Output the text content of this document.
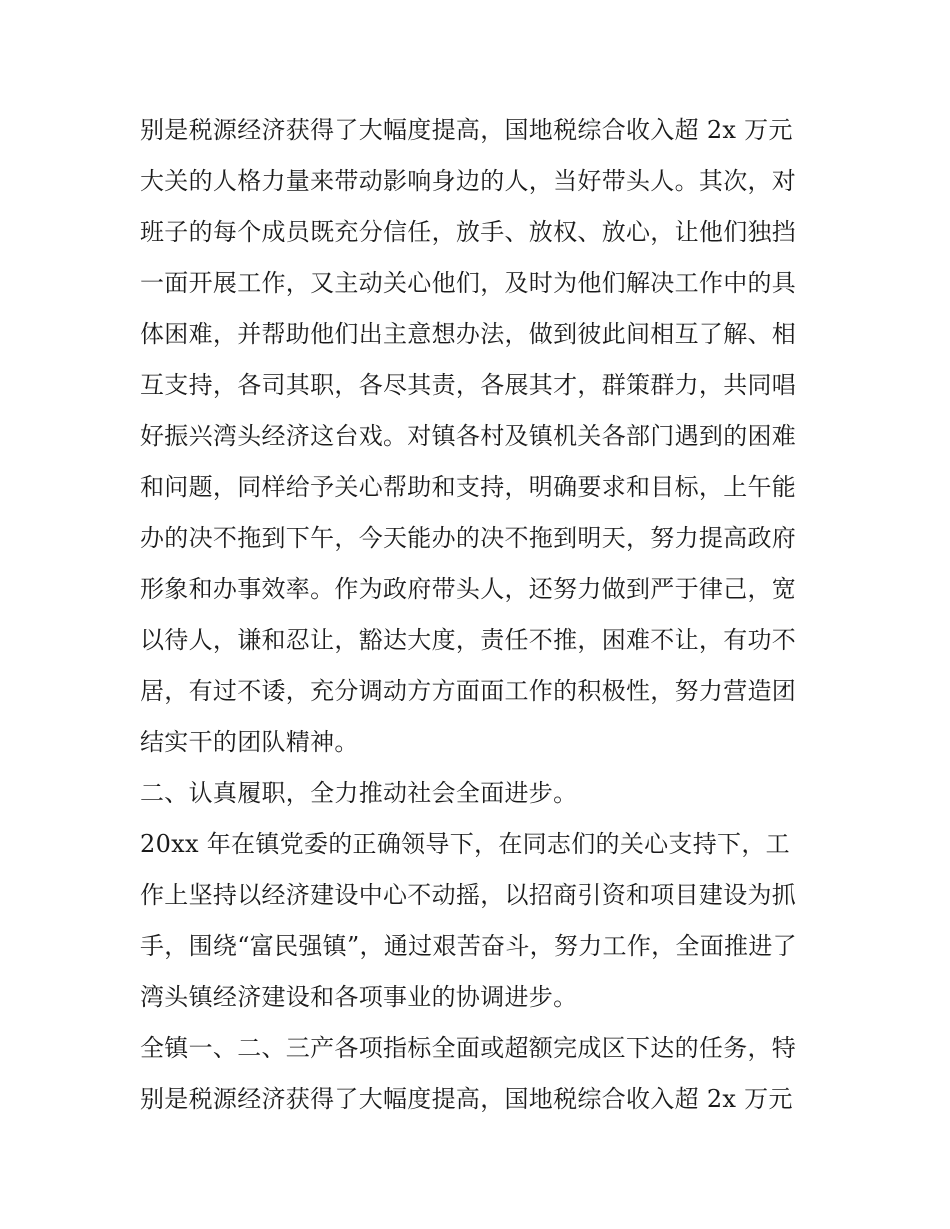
别是税源经济获得了大幅度提高，国地税综合收入超 2x 万元
大关的人格力量来带动影响身边的人，当好带头人。其次，对
班子的每个成员既充分信任，放手、放权、放心，让他们独挡
一面开展工作，又主动关心他们，及时为他们解决工作中的具
体困难，并帮助他们出主意想办法，做到彼此间相互了解、相
互支持，各司其职，各尽其责，各展其才，群策群力，共同唱
好振兴湾头经济这台戏。对镇各村及镇机关各部门遇到的困难
和问题，同样给予关心帮助和支持，明确要求和目标，上午能
办的决不拖到下午，今天能办的决不拖到明天，努力提高政府
形象和办事效率。作为政府带头人，还努力做到严于律己，宽
以待人，谦和忍让，豁达大度，责任不推，困难不让，有功不
居，有过不诿，充分调动方方面面工作的积极性，努力营造团
结实干的团队精神。
二、认真履职，全力推动社会全面进步。
20xx 年在镇党委的正确领导下，在同志们的关心支持下，工
作上坚持以经济建设中心不动摇，以招商引资和项目建设为抓
手，围绕“富民强镇”，通过艰苦奋斗，努力工作，全面推进了
湾头镇经济建设和各项事业的协调进步。
全镇一、二、三产各项指标全面或超额完成区下达的任务，特
别是税源经济获得了大幅度提高，国地税综合收入超 2x 万元
